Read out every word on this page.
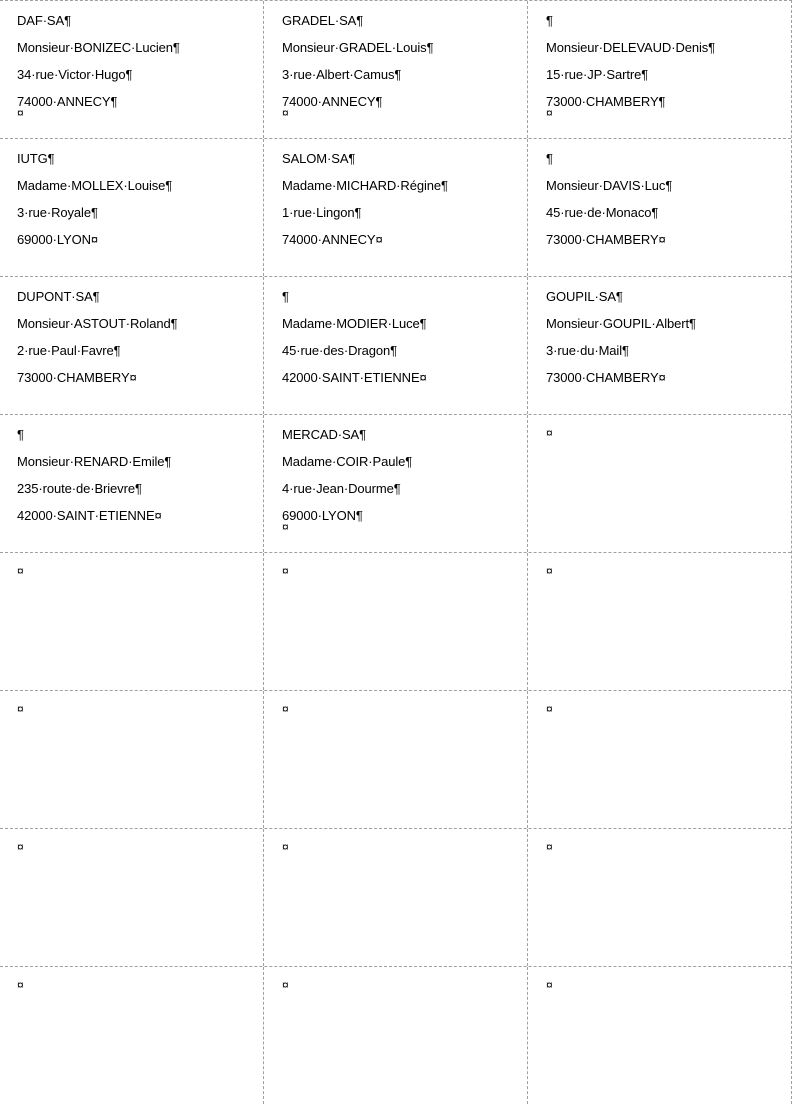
DAF·SA¶
Monsieur·BONIZEC·Lucien¶
34·rue·Victor·Hugo¶
74000·ANNECY¶
¤
GRADEL·SA¶
Monsieur·GRADEL·Louis¶
3·rue·Albert·Camus¶
74000·ANNECY¶
¤
¶
Monsieur·DELEVAUD·Denis¶
15·rue·JP·Sartre¶
73000·CHAMBERY¶
¤
IUTG¶
Madame·MOLLEX·Louise¶
3·rue·Royale¶
69000·LYON¤
SALOM·SA¶
Madame·MICHARD·Régine¶
1·rue·Lingon¶
74000·ANNECY¤
¶
Monsieur·DAVIS·Luc¶
45·rue·de·Monaco¶
73000·CHAMBERY¤
DUPONT·SA¶
Monsieur·ASTOUT·Roland¶
2·rue·Paul·Favre¶
73000·CHAMBERY¤
¶
Madame·MODIER·Luce¶
45·rue·des·Dragon¶
42000·SAINT·ETIENNE¤
GOUPIL·SA¶
Monsieur·GOUPIL·Albert¶
3·rue·du·Mail¶
73000·CHAMBERY¤
¶
Monsieur·RENARD·Emile¶
235·route·de·Brievre¶
42000·SAINT·ETIENNE¤
MERCAD·SA¶
Madame·COIR·Paule¶
4·rue·Jean·Dourme¶
69000·LYON¶
¤
¤
¤	¤	¤
¤	¤	¤
¤	¤	¤
¤	¤	¤
